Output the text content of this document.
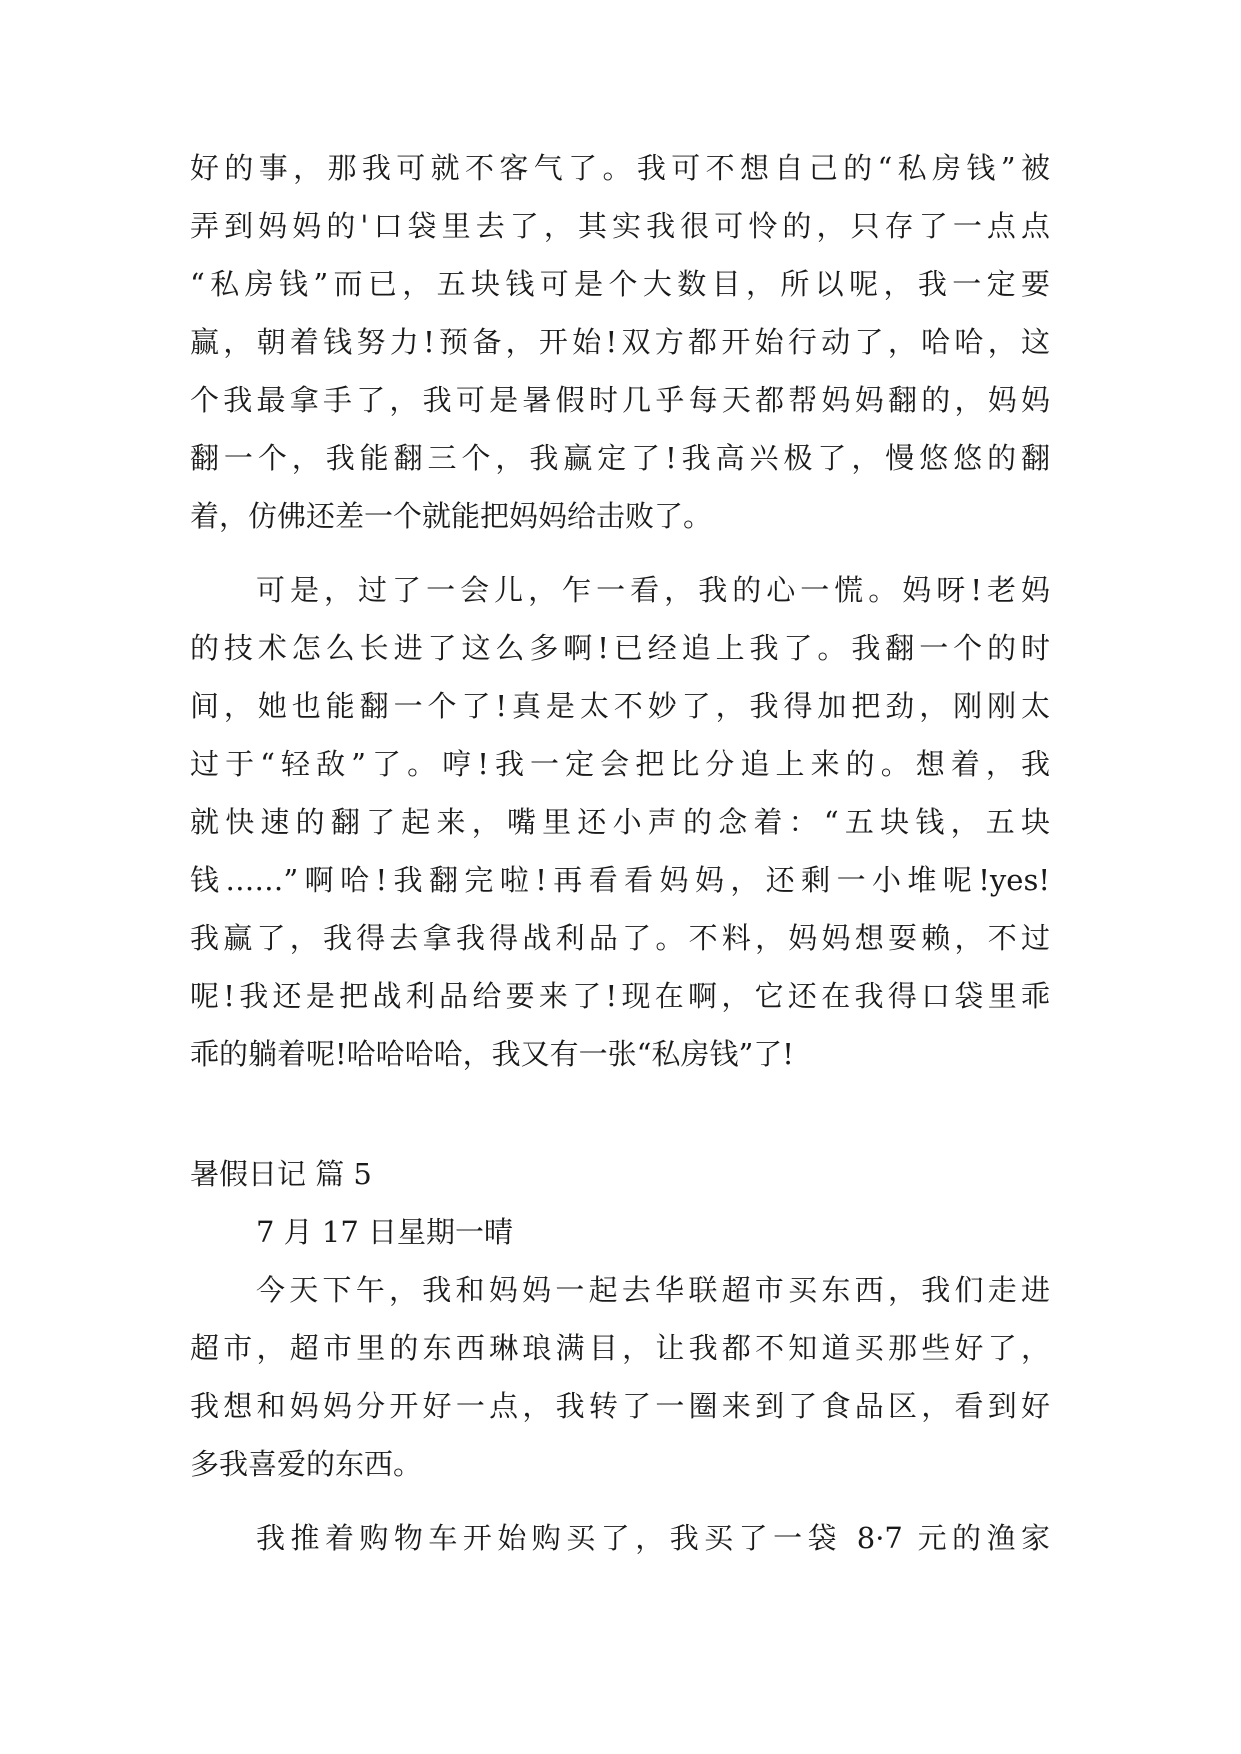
好的事，那我可就不客气了。我可不想自己的“私房钱”被
弄到妈妈的'口袋里去了，其实我很可怜的，只存了一点点
“私房钱”而已，五块钱可是个大数目，所以呢，我一定要
赢，朝着钱努力!预备，开始!双方都开始行动了，哈哈，这
个我最拿手了，我可是暑假时几乎每天都帮妈妈翻的，妈妈
翻一个，我能翻三个，我赢定了!我高兴极了，慢悠悠的翻
着，仿佛还差一个就能把妈妈给击败了。
可是，过了一会儿，乍一看，我的心一慌。妈呀!老妈
的技术怎么长进了这么多啊!已经追上我了。我翻一个的时
间，她也能翻一个了!真是太不妙了，我得加把劲，刚刚太
过于“轻敌”了。哼!我一定会把比分追上来的。想着，我
就快速的翻了起来，嘴里还小声的念着：“五块钱，五块
钱……”啊哈!我翻完啦!再看看妈妈，还剩一小堆呢!yes!
我赢了，我得去拿我得战利品了。不料，妈妈想耍赖，不过
呢!我还是把战利品给要来了!现在啊，它还在我得口袋里乖
乖的躺着呢!哈哈哈哈，我又有一张“私房钱”了!
暑假日记 篇 5
7 月 17 日星期一晴
今天下午，我和妈妈一起去华联超市买东西，我们走进
超市，超市里的东西琳琅满目，让我都不知道买那些好了，
我想和妈妈分开好一点，我转了一圈来到了食品区，看到好
多我喜爱的东西。
我推着购物车开始购买了，我买了一袋 8·7 元的渔家
